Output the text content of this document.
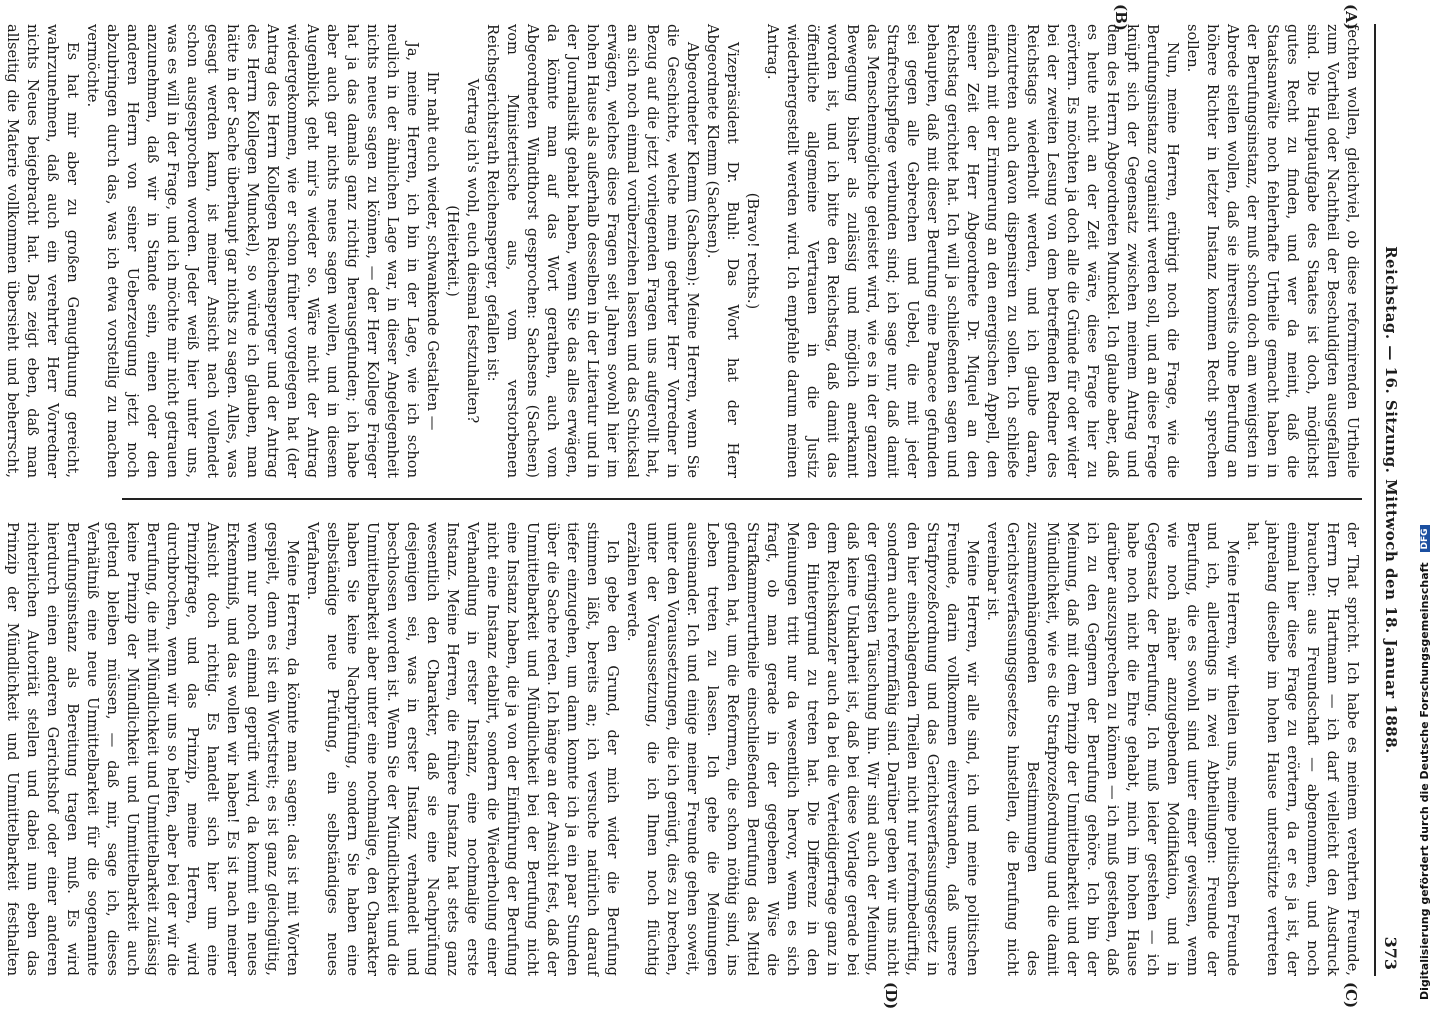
Reichstag. — 16. Sitzung. Mittwoch den 18. Januar 1888.
373
(A)
(B)
(C)
(D)

fechten wollen, gleichviel, ob diese reformirenden Urtheile zum Vortheil oder Nachtheil der Beschuldigten ausgefallen sind. Die Hauptaufgabe des Staates ist doch, möglichst gutes Recht zu finden, und wer da meint, daß die Staatsanwälte noch fehlerhafte Urtheile gemacht haben in der Berufungsinstanz, der muß schon doch am wenigsten in Abrede stellen wollen, daß sie ihrerseits ohne Berufung an höhere Richter in letzter Instanz kommen Recht sprechen sollen.

Nun, meine Herren, erübrigt noch die Frage, wie die Berufungsinstanz organisirt werden soll, und an diese Frage knüpft sich der Gegensatz zwischen meinem Antrag und dem des Herrn Abgeordneten Munckel. Ich glaube aber, daß es heute nicht an der Zeit wäre, diese Frage hier zu erörtern. Es möchten ja doch alle die Gründe für oder wider bei der zweiten Lesung von dem betreffenden Redner des Reichstags wiederholt werden, und ich glaube daran, einzutreten auch davon dispensiren zu sollen. Ich schließe einfach mit der Erinnerung an den energischen Appell, den seiner Zeit der Herr Abgeordnete Dr. Miquel an den Reichstag gerichtet hat. Ich will ja schließenden sagen und behaupten, daß mit dieser Berufung eine Panacee gefunden sei gegen alle Gebrechen und Uebel, die mit jeder Strafrechtspflege verbunden sind; ich sage nur, daß damit das Menschenmögliche geleistet wird, wie es in der ganzen Bewegung bisher als zulässig und möglich anerkannt worden ist, und ich bitte den Reichstag, daß damit das öffentliche allgemeine Vertrauen in die Justiz wiederhergestellt werden wird. Ich empfehle darum meinen Antrag.

(Bravo! rechts.)

Vizepräsident Dr. Buhl: Das Wort hat der Herr Abgeordnete Klemm (Sachsen).

Abgeordneter Klemm (Sachsen): Meine Herren, wenn Sie die Geschichte, welche mein geehrter Herr Vorredner in Bezug auf die jetzt vorliegenden Fragen uns aufgerollt hat, an sich noch einmal vorüberziehen lassen und das Schicksal erwägen, welches diese Fragen seit Jahren sowohl hier im hohen Hause als außerhalb desselben in der Literatur und in der Journalistik gehabt haben, wenn Sie das alles erwägen, da könnte man auf das Wort gerathen, auch vom Abgeordneten Windthorst gesprochen: Sachsens (Sachsen) vom Ministertische aus, vom verstorbenen Reichsgerichtsrath Reichensperger, gefallen ist:

Vertrag ich's wohl, euch diesmal festzuhalten?

(Heiterkeit.)

Ihr naht euch wieder, schwankende Gestalten —

Ja, meine Herren, ich bin in der Lage, wie ich schon neulich in der ähnlichen Lage war, in dieser Angelegenheit nichts neues sagen zu können, — der Herr Kollege Frieger hat ja das damals ganz richtig herausgefunden; ich habe aber auch gar nichts neues sagen wollen, und in diesem Augenblick geht mir's wieder so. Wäre nicht der Antrag wiedergekommen, wie er schon früher vorgelegen hat (der Antrag des Herrn Kollegen Reichensperger und der Antrag des Herrn Kollegen Munckel), so würde ich glauben, man hätte in der Sache überhaupt gar nichts zu sagen. Alles, was gesagt werden kann, ist meiner Ansicht nach vollendet schon ausgesprochen worden. Jeder weiß hier unter uns, was es will in der Frage, und ich möchte mir nicht getrauen anzunehmen, daß wir in Stande sein, einen oder den anderen Herrn von seiner Ueberzeugung jetzt noch abzubringen durch das, was ich etwa vorstellig zu machen vermöchte.

Es hat mir aber zu großen Genugthuung gereicht, wahrzunehmen, daß auch ein verehrter Herr Vorredner nichts Neues beigebracht hat. Das zeigt eben, daß man allseitig die Materie vollkommen übersieht und beherrscht,

der That spricht. Ich habe es meinem verehrten Freunde, Herrn Dr. Hartmann — ich darf vielleicht den Ausdruck brauchen: aus Freundschaft — abgenommen, und noch einmal hier diese Frage zu erörtern, da er es ja ist, der jahrelang dieselbe im hohen Hause unterstützte vertreten hat.

Meine Herren, wir theilen uns, meine politischen Freunde und ich, allerdings in zwei Abtheilungen: Freunde der Berufung, die es sowohl sind unter einer gewissen, wenn wie noch näher anzugebenden Modifikation, und in Gegensatz der Berufung. Ich muß leider gestehen — ich habe noch nicht die Ehre gehabt, mich im hohen Hause darüber auszusprechen zu können — ich muß gestehen, daß ich zu den Gegnern der Berufung gehöre. Ich bin der Meinung, daß mit dem Prinzip der Unmittelbarkeit und der Mündlichkeit, wie es die Strafprozeßordnung und die damit zusammenhängenden Bestimmungen des Gerichtsverfassungsgesetzes hinstellen, die Berufung nicht vereinbar ist.

Meine Herren, wir alle sind, ich und meine politischen Freunde, darin vollkommen einverstanden, daß unsere Strafprozeßordnung und das Gerichtsverfassungsgesetz in den hier einschlagenden Theilen nicht nur reformbedürftig, sondern auch reformfähig sind. Darüber geben wir uns nicht der geringsten Täuschung hin. Wir sind auch der Meinung, daß keine Unklarheit ist, daß bei diese Vorlage gerade bei dem Reichskanzler auch da bei die Verteidigerfrage ganz in den Hintergrund zu treten hat. Die Differenz in den Meinungen tritt nur da wesentlich hervor, wenn es sich fragt, ob man gerade in der gegebenen Wise die Strafkammerurtheile einschließenden Berufung das Mittel gefunden hat, um die Reformen, die schon nöthig sind, ins Leben treten zu lassen. Ich gehe die Meinungen auseinander. Ich und einige meiner Freunde gehen soweit, unter den Voraussetzungen, die ich genügt, dies zu brechen, unter der Voraussetzung, die ich Ihnen noch flüchtig erzählen werde.

Ich gebe den Grund, der mich wider die Berufung stimmen läßt, bereits an; ich versuche natürlich darauf tiefer einzugehen, um dann konnte ich ja ein paar Stunden über die Sache reden. Ich hänge an der Ansicht fest, daß der Unmittelbarkeit und Mündlichkeit bei der Berufung nicht eine Instanz haben, die ja von der Einführung der Berufung nicht eine Instanz etablirt, sondern die Wiederholung einer Verhandlung in erster Instanz, eine nochmalige erste Instanz. Meine Herren, die frühere Instanz hat stets ganz wesentlich den Charakter, daß sie eine Nachprüfung desjenigen sei, was in erster Instanz verhandelt und beschlossen worden ist. Wenn Sie der Mündlichkeit und die Unmittelbarkeit aber unter eine nochmalige, den Charakter haben Sie keine Nachprüfung, sondern Sie haben eine selbständige neue Prüfung, ein selbständiges neues Verfahren.

Meine Herren, da könnte man sagen: das ist mit Worten gespielt, denn es ist ein Wortstreit; es ist ganz gleichgültig, wenn nur noch einmal geprüft wird, da kommt ein neues Erkenntniß, und das wollen wir haben! Es ist nach meiner Ansicht doch richtig. Es handelt sich hier um eine Prinzipfrage, und das Prinzip, meine Herren, wird durchbrochen, wenn wir uns so helfen, aber bei der wir die Berufung, die mit Mündlichkeit und Unmittelbarkeit zulässig keine Prinzip der Mündlichkeit und Unmittelbarkeit auch geltend bleiben müssen, — daß mir, sage ich, dieses Verhältniß eine neue Unmittelbarkeit für die sogenannte Berufungsinstanz als Bereitung tragen muß. Es wird hierdurch einen anderen Gerichtshof oder einer anderen richterlichen Autorität stellen und dabei nun eben das Prinzip der Mündlichkeit und Unmittelbarkeit festhalten	Digitalisierung gefördert durch die Deutsche Forschungsgemeinschaft DFG
